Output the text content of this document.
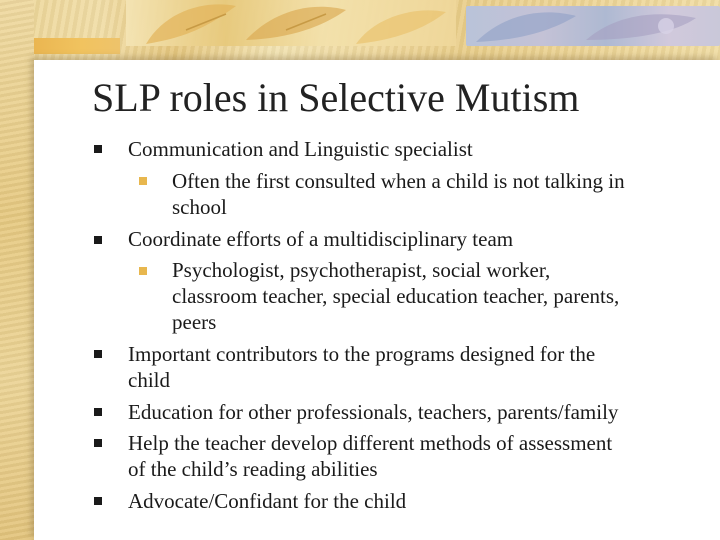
SLP roles in Selective Mutism
Communication and Linguistic specialist
Often the first consulted when a child is not talking in
school
Coordinate efforts of a multidisciplinary team
Psychologist, psychotherapist, social worker,
classroom teacher, special education teacher, parents,
peers
Important contributors to the programs designed for the
child
Education for other professionals, teachers, parents/family
Help the teacher develop different methods of assessment
of the child’s reading abilities
Advocate/Confidant for the child
